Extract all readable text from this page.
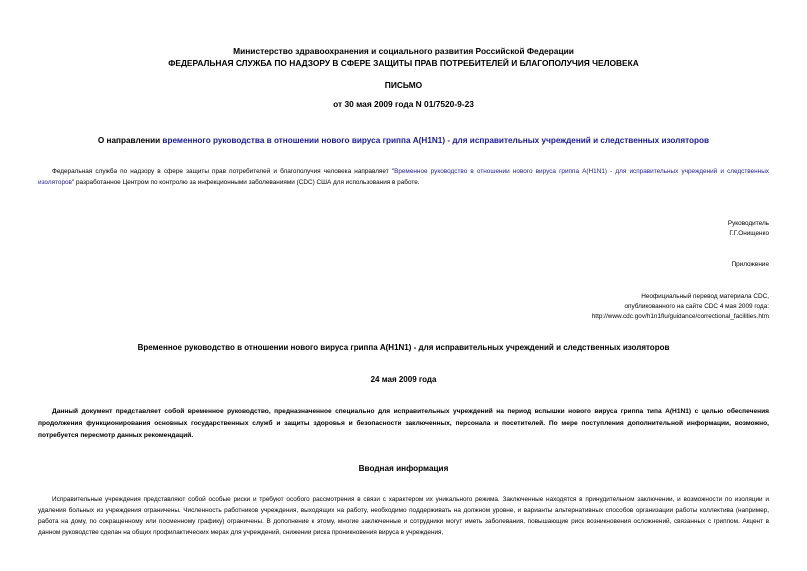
Министерство здравоохранения и социального развития Российской Федерации
ФЕДЕРАЛЬНАЯ СЛУЖБА ПО НАДЗОРУ В СФЕРЕ ЗАЩИТЫ ПРАВ ПОТРЕБИТЕЛЕЙ И БЛАГОПОЛУЧИЯ ЧЕЛОВЕКА
ПИСЬМО
от 30 мая 2009 года N 01/7520-9-23
О направлении временного руководства в отношении нового вируса гриппа A(H1N1) - для исправительных учреждений и следственных изоляторов
Федеральная служба по надзору в сфере защиты прав потребителей и благополучия человека направляет "Временное руководство в отношении нового вируса гриппа A(H1N1) - для исправительных учреждений и следственных изоляторов" разработанное Центром по контролю за инфекционными заболеваниями (CDC) США для использования в работе.
Руководитель
Г.Г.Онищенко
Приложение
Неофициальный перевод материала CDC,
опубликованного на сайте CDC 4 мая 2009 года:
http://www.cdc.gov/h1n1flu/guidance/correctional_facilities.htm
Временное руководство в отношении нового вируса гриппа A(H1N1) - для исправительных учреждений и следственных изоляторов
24 мая 2009 года
Данный документ представляет собой временное руководство, предназначенное специально для исправительных учреждений на период вспышки нового вируса гриппа типа A(H1N1) с целью обеспечения продолжения функционирования основных государственных служб и защиты здоровья и безопасности заключенных, персонала и посетителей. По мере поступления дополнительной информации, возможно, потребуется пересмотр данных рекомендаций.
Вводная информация
Исправительные учреждения представляют собой особые риски и требуют особого рассмотрения в связи с характером их уникального режима. Заключенные находятся в принудительном заключении, и возможности по изоляции и удаления больных из учреждения ограничены. Численность работников учреждения, выходящих на работу, необходимо поддерживать на должном уровне, и варианты альтернативных способов организации работы коллектива (например, работа на дому, по сокращенному или посменному графику) ограничены. В дополнение к этому, многие заключенные и сотрудники могут иметь заболевания, повышающие риск возникновения осложнений, связанных с гриппом. Акцент в данном руководстве сделан на общих профилактических мерах для учреждений, снижении риска проникновения вируса в учреждения,
